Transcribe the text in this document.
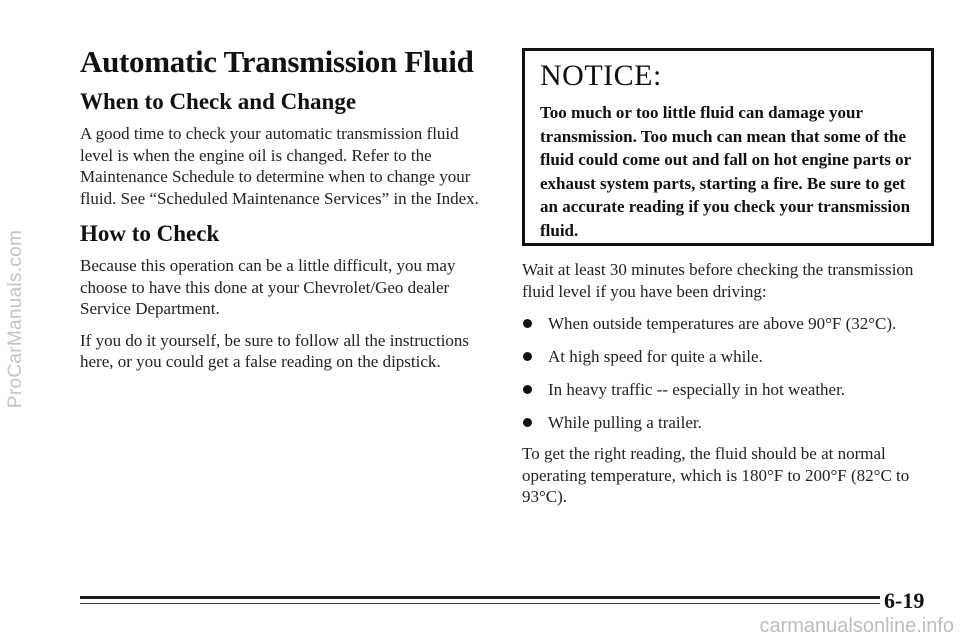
ProCarManuals.com
Automatic Transmission Fluid
When to Check and Change

A good time to check your automatic transmission fluid level is when the engine oil is changed. Refer to the Maintenance Schedule to determine when to change your fluid. See “Scheduled Maintenance Services” in the Index.

How to Check

Because this operation can be a little difficult, you may choose to have this done at your Chevrolet/Geo dealer Service Department.

If you do it yourself, be sure to follow all the instructions here, or you could get a false reading on the dipstick.

NOTICE:

Too much or too little fluid can damage your transmission. Too much can mean that some of the fluid could come out and fall on hot engine parts or exhaust system parts, starting a fire. Be sure to get an accurate reading if you check your transmission fluid.

Wait at least 30 minutes before checking the transmission fluid level if you have been driving:

When outside temperatures are above 90°F (32°C).
At high speed for quite a while.
In heavy traffic -- especially in hot weather.
While pulling a trailer.

To get the right reading, the fluid should be at normal operating temperature, which is 180°F to 200°F (82°C to 93°C).

6-19
carmanualsonline.info
